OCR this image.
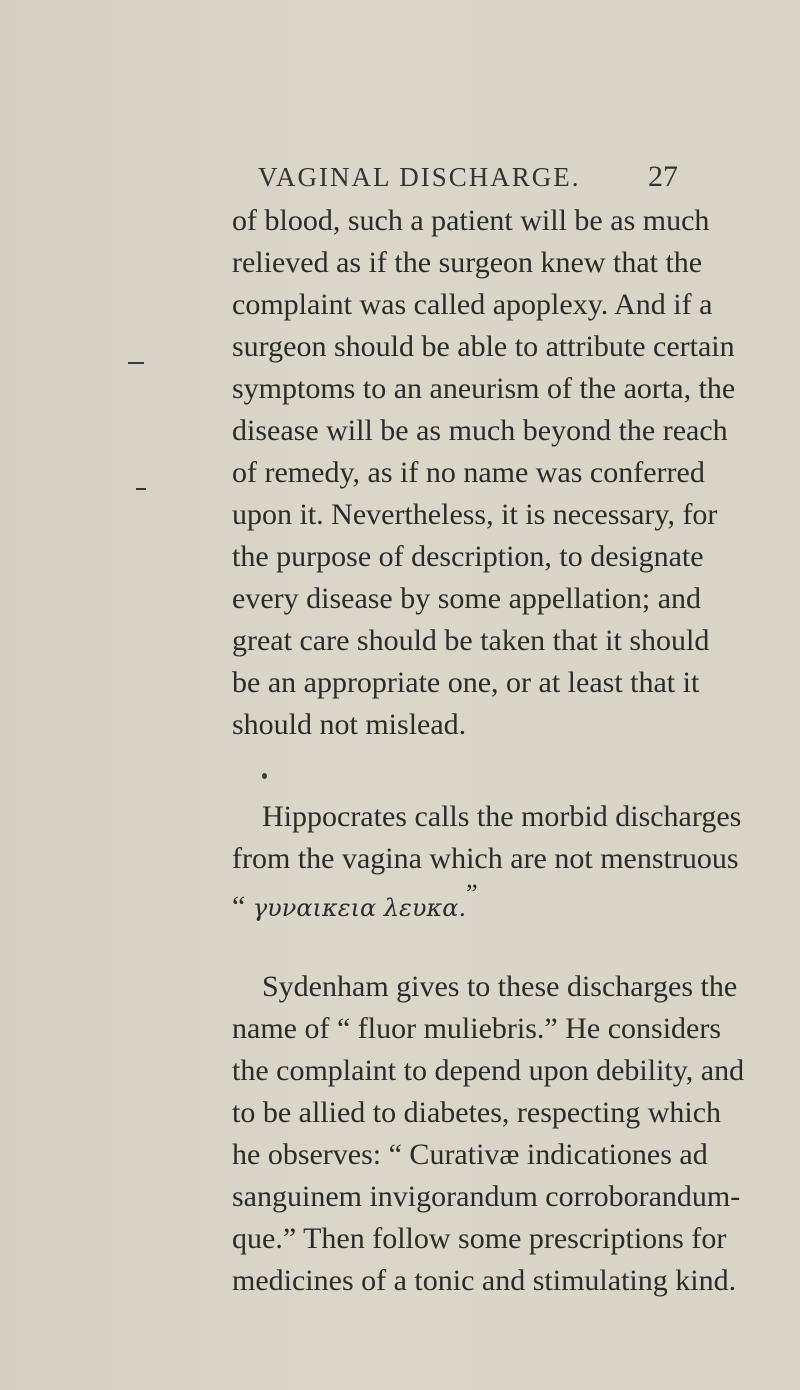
VAGINAL DISCHARGE. 27
of blood, such a patient will be as much
relieved as if the surgeon knew that the
complaint was called apoplexy. And if a
surgeon should be able to attribute certain
symptoms to an aneurism of the aorta, the
disease will be as much beyond the reach
of remedy, as if no name was conferred
upon it. Nevertheless, it is necessary, for
the purpose of description, to designate
every disease by some appellation; and
great care should be taken that it should
be an appropriate one, or at least that it
should not mislead.
Hippocrates calls the morbid discharges
from the vagina which are not menstruous
“ γυναικεια λευκα.”
Sydenham gives to these discharges the
name of “ fluor muliebris.” He considers
the complaint to depend upon debility, and
to be allied to diabetes, respecting which
he observes: “ Curativæ indicationes ad
sanguinem invigorandum corroborandum-
que.” Then follow some prescriptions for
medicines of a tonic and stimulating kind.
